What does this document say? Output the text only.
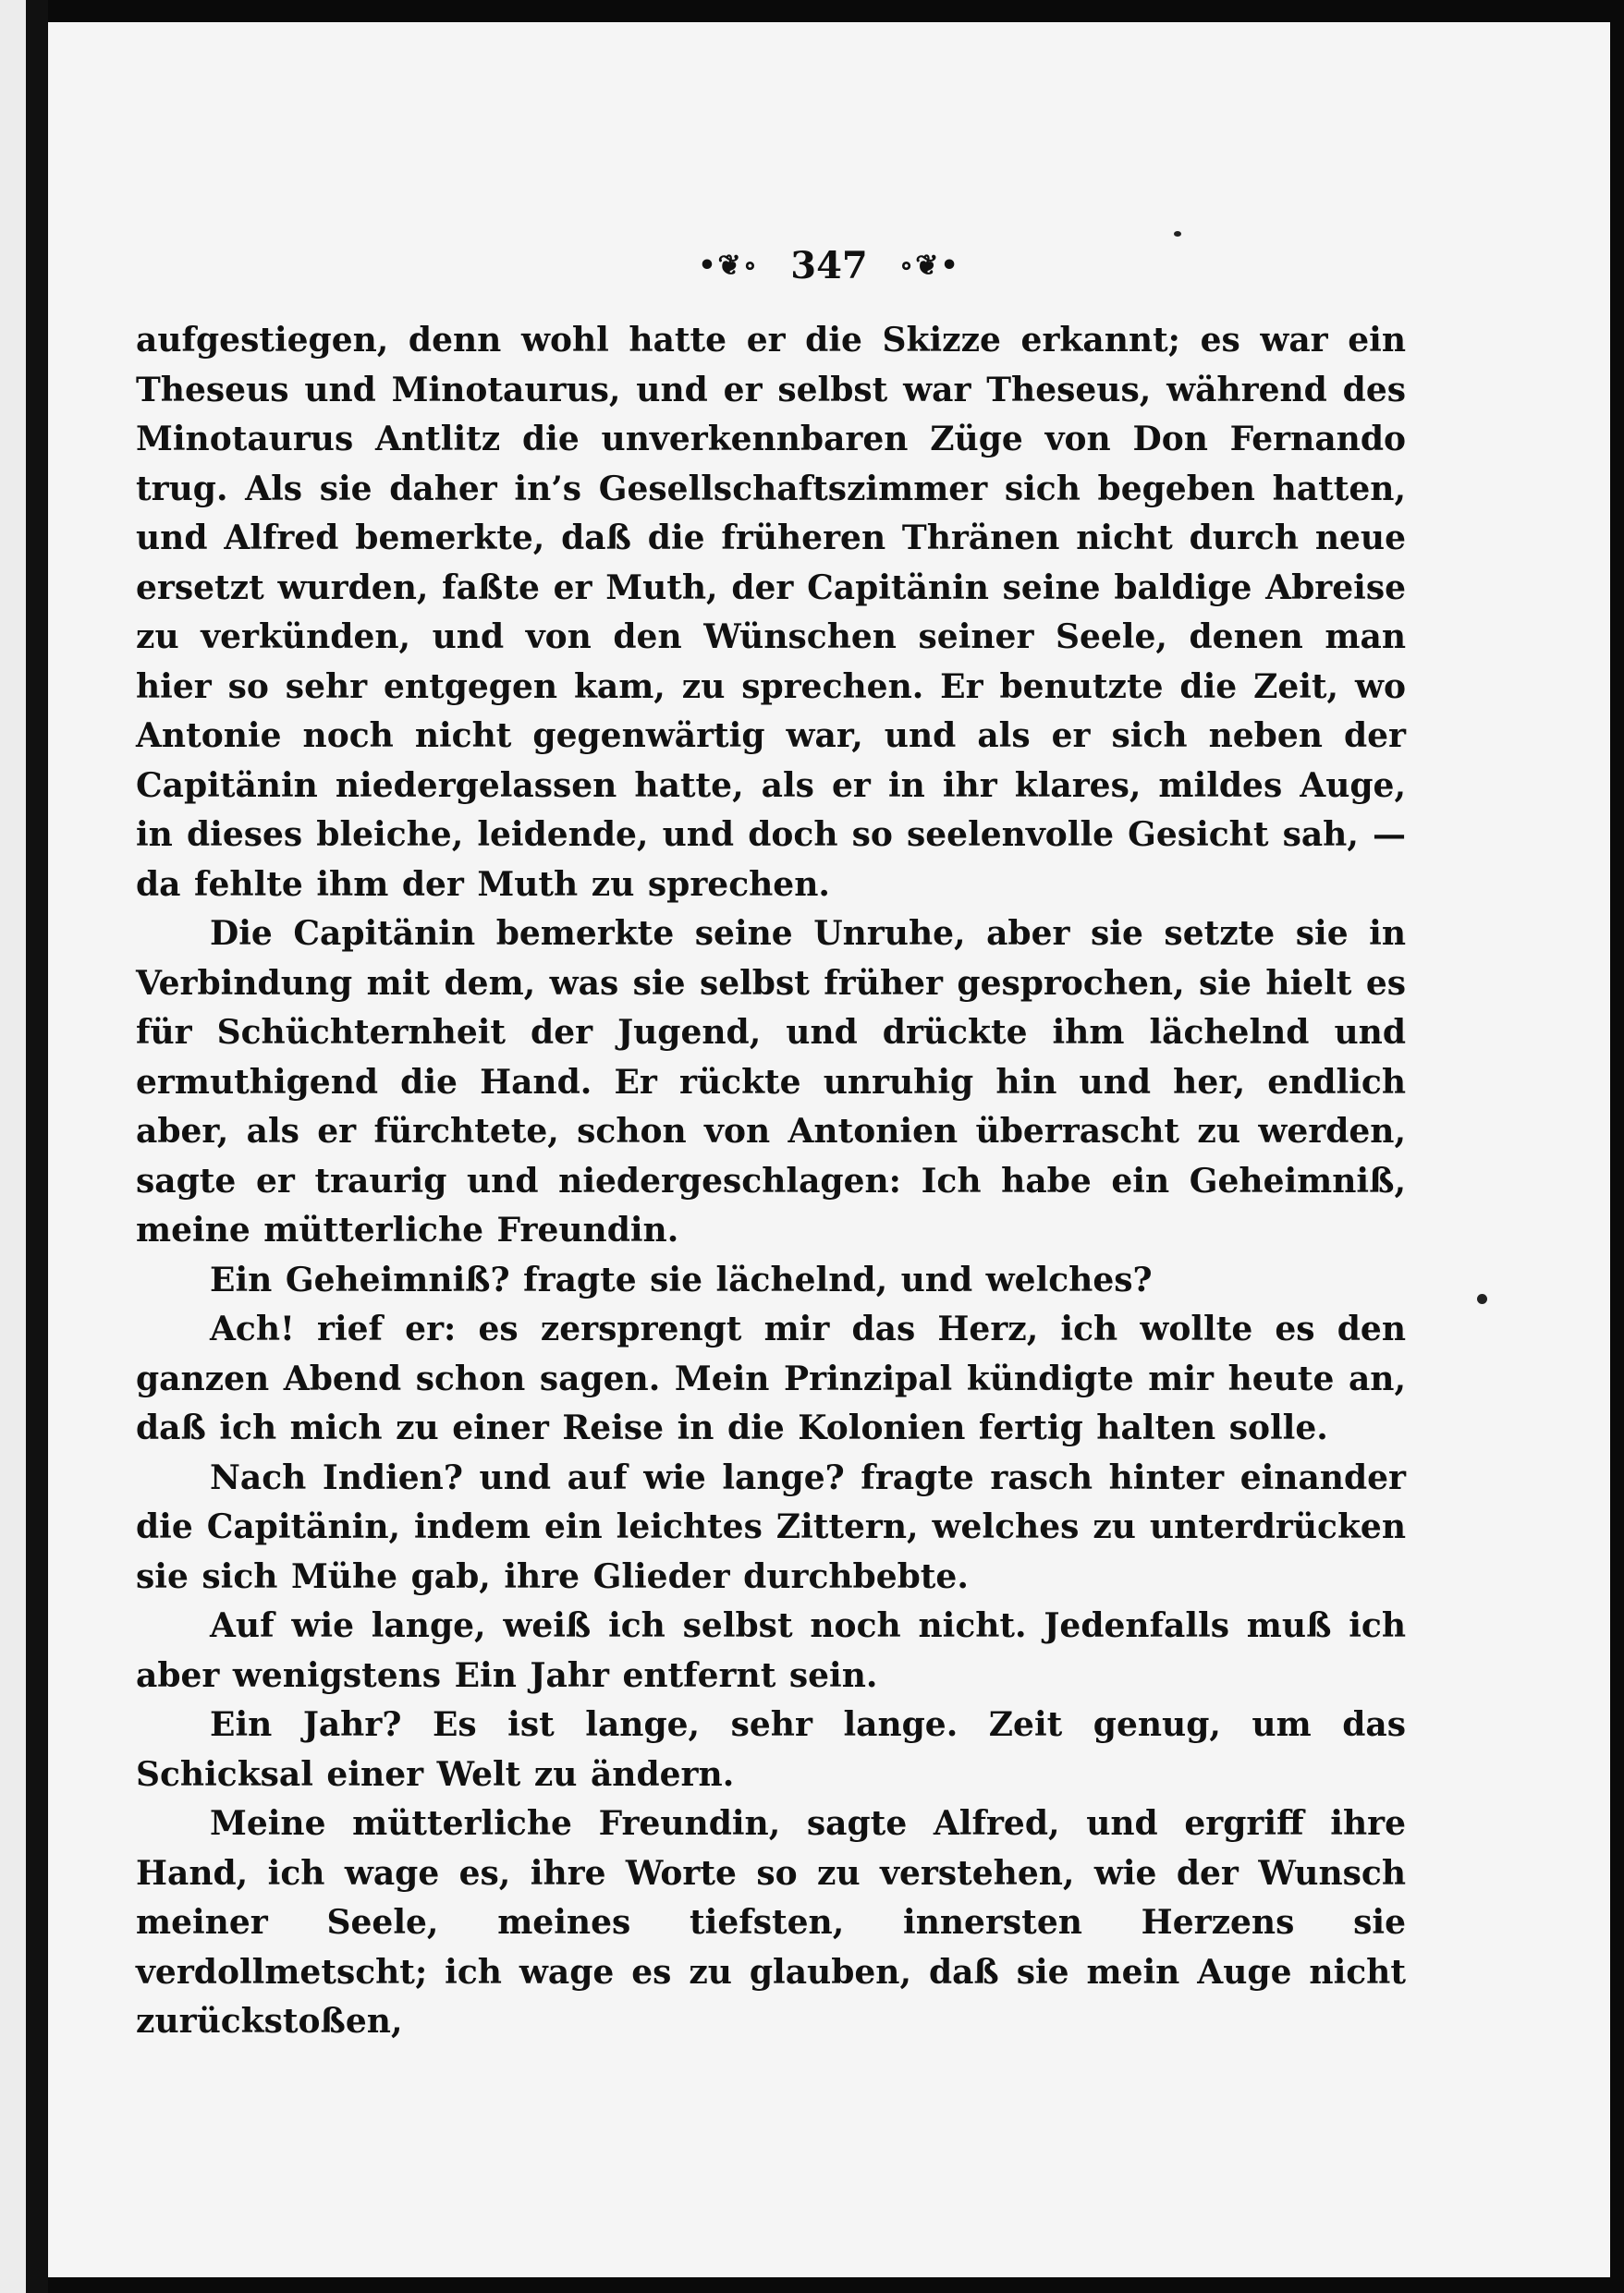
•❦∘ 347 ∘❦•

aufgestiegen, denn wohl hatte er die Skizze erkannt; es war ein Theseus und Minotaurus, und er selbst war Theseus, während des Minotaurus Antlitz die unverkennbaren Züge von Don Fernando trug. Als sie daher in’s Gesellschaftszimmer sich begeben hatten, und Alfred bemerkte, daß die früheren Thränen nicht durch neue ersetzt wurden, faßte er Muth, der Capitänin seine baldige Abreise zu verkünden, und von den Wünschen seiner Seele, denen man hier so sehr entgegen kam, zu sprechen. Er benutzte die Zeit, wo Antonie noch nicht gegenwärtig war, und als er sich neben der Capitänin niedergelassen hatte, als er in ihr klares, mildes Auge, in dieses bleiche, leidende, und doch so seelenvolle Gesicht sah, — da fehlte ihm der Muth zu sprechen.

Die Capitänin bemerkte seine Unruhe, aber sie setzte sie in Verbindung mit dem, was sie selbst früher gesprochen, sie hielt es für Schüchternheit der Jugend, und drückte ihm lächelnd und ermuthigend die Hand. Er rückte unruhig hin und her, endlich aber, als er fürchtete, schon von Antonien überrascht zu werden, sagte er traurig und niedergeschlagen: Ich habe ein Geheimniß, meine mütterliche Freundin.

Ein Geheimniß? fragte sie lächelnd, und welches?

Ach! rief er: es zersprengt mir das Herz, ich wollte es den ganzen Abend schon sagen. Mein Prinzipal kündigte mir heute an, daß ich mich zu einer Reise in die Kolonien fertig halten solle.

Nach Indien? und auf wie lange? fragte rasch hinter einander die Capitänin, indem ein leichtes Zittern, welches zu unterdrücken sie sich Mühe gab, ihre Glieder durchbebte.

Auf wie lange, weiß ich selbst noch nicht. Jedenfalls muß ich aber wenigstens Ein Jahr entfernt sein.

Ein Jahr? Es ist lange, sehr lange. Zeit genug, um das Schicksal einer Welt zu ändern.

Meine mütterliche Freundin, sagte Alfred, und ergriff ihre Hand, ich wage es, ihre Worte so zu verstehen, wie der Wunsch meiner Seele, meines tiefsten, innersten Herzens sie verdollmetscht; ich wage es zu glauben, daß sie mein Auge nicht zurückstoßen,
